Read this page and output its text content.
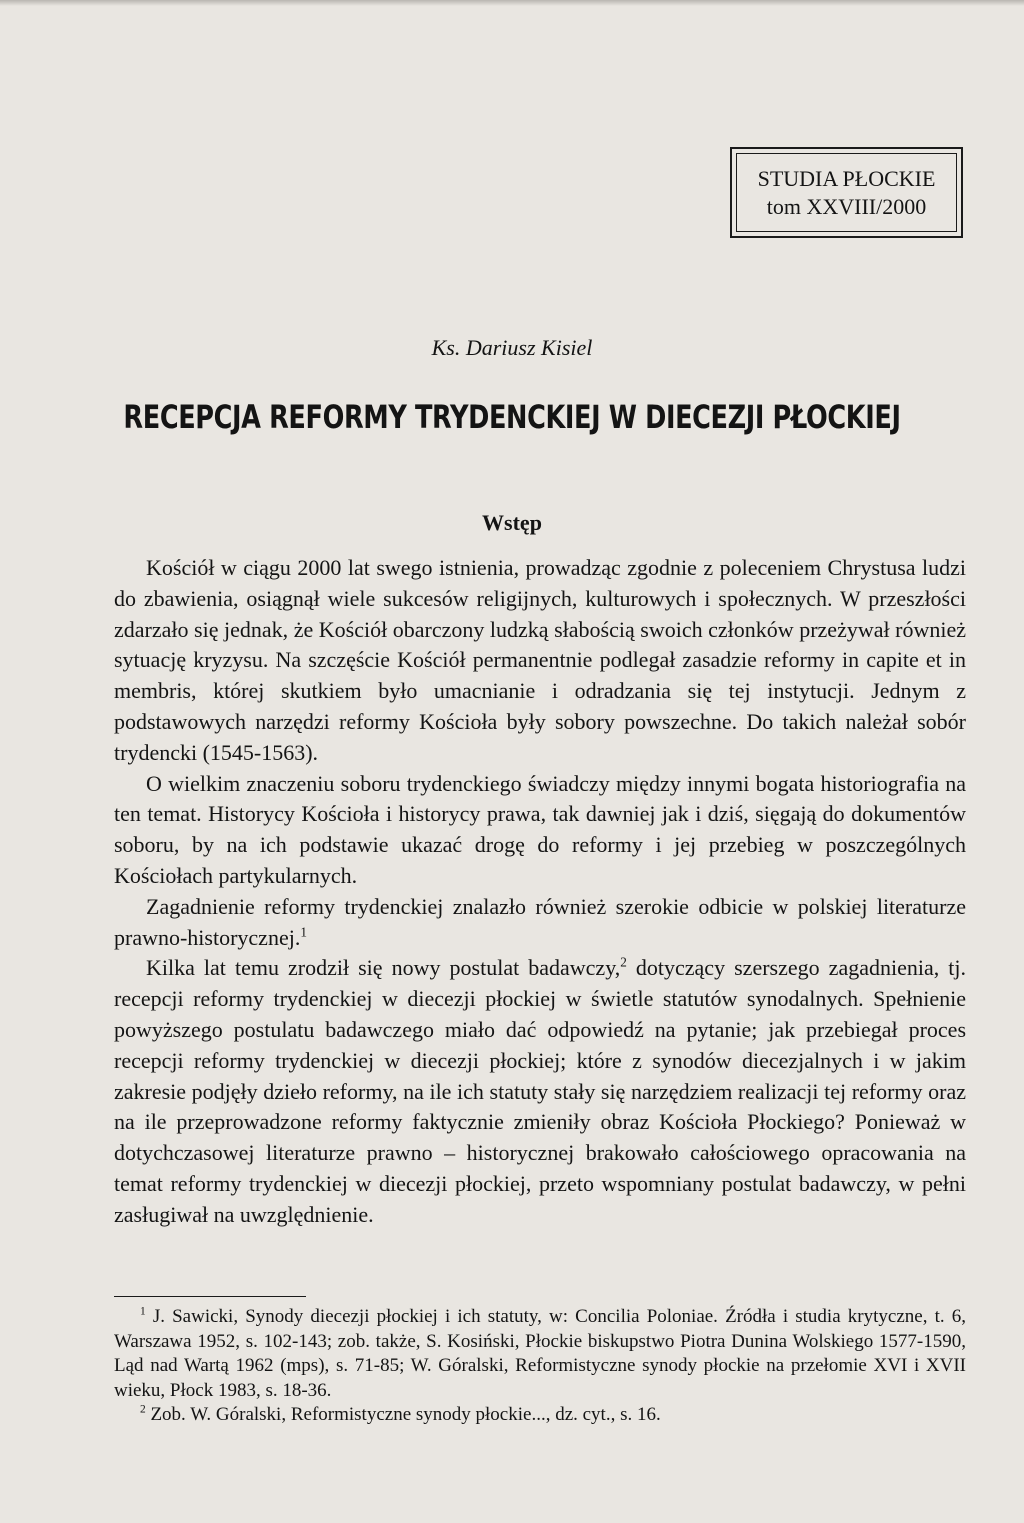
STUDIA PŁOCKIE
tom XXVIII/2000
Ks. Dariusz Kisiel
RECEPCJA REFORMY TRYDENCKIEJ W DIECEZJI PŁOCKIEJ
Wstęp

Kościół w ciągu 2000 lat swego istnienia, prowadząc zgodnie z poleceniem Chrystusa ludzi do zbawienia, osiągnął wiele sukcesów religijnych, kulturowych i społecznych. W przeszłości zdarzało się jednak, że Kościół obarczony ludzką słabością swoich członków przeżywał również sytuację kryzysu. Na szczęście Kościół permanentnie podlegał zasadzie reformy in capite et in membris, której skutkiem było umacnianie i odradzania się tej instytucji. Jednym z podstawowych narzędzi reformy Kościoła były sobory powszechne. Do takich należał sobór trydencki (1545-1563).

O wielkim znaczeniu soboru trydenckiego świadczy między innymi bogata historiografia na ten temat. Historycy Kościoła i historycy prawa, tak dawniej jak i dziś, sięgają do dokumentów soboru, by na ich podstawie ukazać drogę do reformy i jej przebieg w poszczególnych Kościołach partykularnych.

Zagadnienie reformy trydenckiej znalazło również szerokie odbicie w polskiej literaturze prawno-historycznej.$^1$

Kilka lat temu zrodził się nowy postulat badawczy,$^2$ dotyczący szerszego zagadnienia, tj. recepcji reformy trydenckiej w diecezji płockiej w świetle statutów synodalnych. Spełnienie powyższego postulatu badawczego miało dać odpowiedź na pytanie; jak przebiegał proces recepcji reformy trydenckiej w diecezji płockiej; które z synodów diecezjalnych i w jakim zakresie podjęły dzieło reformy, na ile ich statuty stały się narzędziem realizacji tej reformy oraz na ile przeprowadzone reformy faktycznie zmieniły obraz Kościoła Płockiego? Ponieważ w dotychczasowej literaturze prawno – historycznej brakowało całościowego opracowania na temat reformy trydenckiej w diecezji płockiej, przeto wspomniany postulat badawczy, w pełni zasługiwał na uwzględnienie.

$^1$ J. Sawicki, Synody diecezji płockiej i ich statuty, w: Concilia Poloniae. Źródła i studia krytyczne, t. 6, Warszawa 1952, s. 102-143; zob. także, S. Kosiński, Płockie biskupstwo Piotra Dunina Wolskiego 1577-1590, Ląd nad Wartą 1962 (mps), s. 71-85; W. Góralski, Reformistyczne synody płockie na przełomie XVI i XVII wieku, Płock 1983, s. 18-36.

$^2$ Zob. W. Góralski, Reformistyczne synody płockie..., dz. cyt., s. 16.
